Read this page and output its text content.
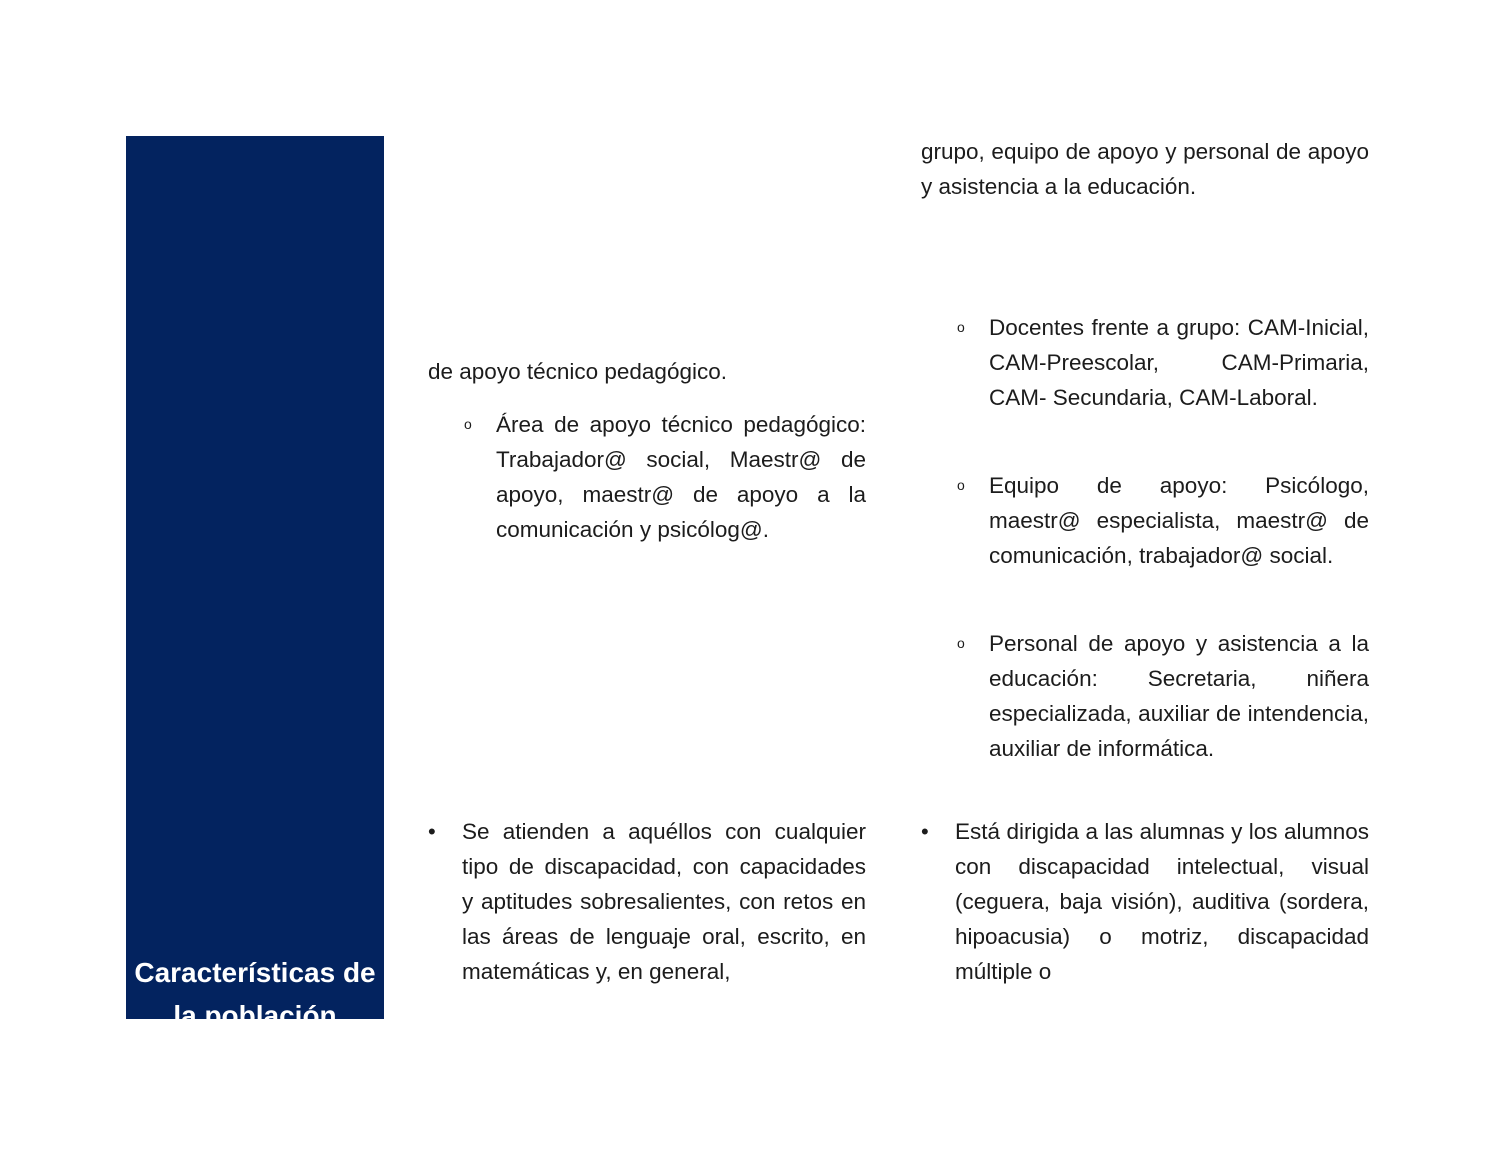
Características de la población atendida

de apoyo técnico pedagógico.

o Área de apoyo técnico pedagógico: Trabajador@ social, Maestr@ de apoyo, maestr@ de apoyo a la comunicación y psicólog@.

• Se atienden a aquéllos con cualquier tipo de discapacidad, con capacidades y aptitudes sobresalientes, con retos en las áreas de lenguaje oral, escrito, en matemáticas y, en general,

grupo, equipo de apoyo y personal de apoyo y asistencia a la educación.

o Docentes frente a grupo: CAM-Inicial, CAM-Preescolar, CAM-Primaria, CAM- Secundaria, CAM-Laboral.

o Equipo de apoyo: Psicólogo, maestr@ especialista, maestr@ de comunicación, trabajador@ social.

o Personal de apoyo y asistencia a la educación: Secretaria, niñera especializada, auxiliar de intendencia, auxiliar de informática.

• Está dirigida a las alumnas y los alumnos con discapacidad intelectual, visual (ceguera, baja visión), auditiva (sordera, hipoacusia) o motriz, discapacidad múltiple o
